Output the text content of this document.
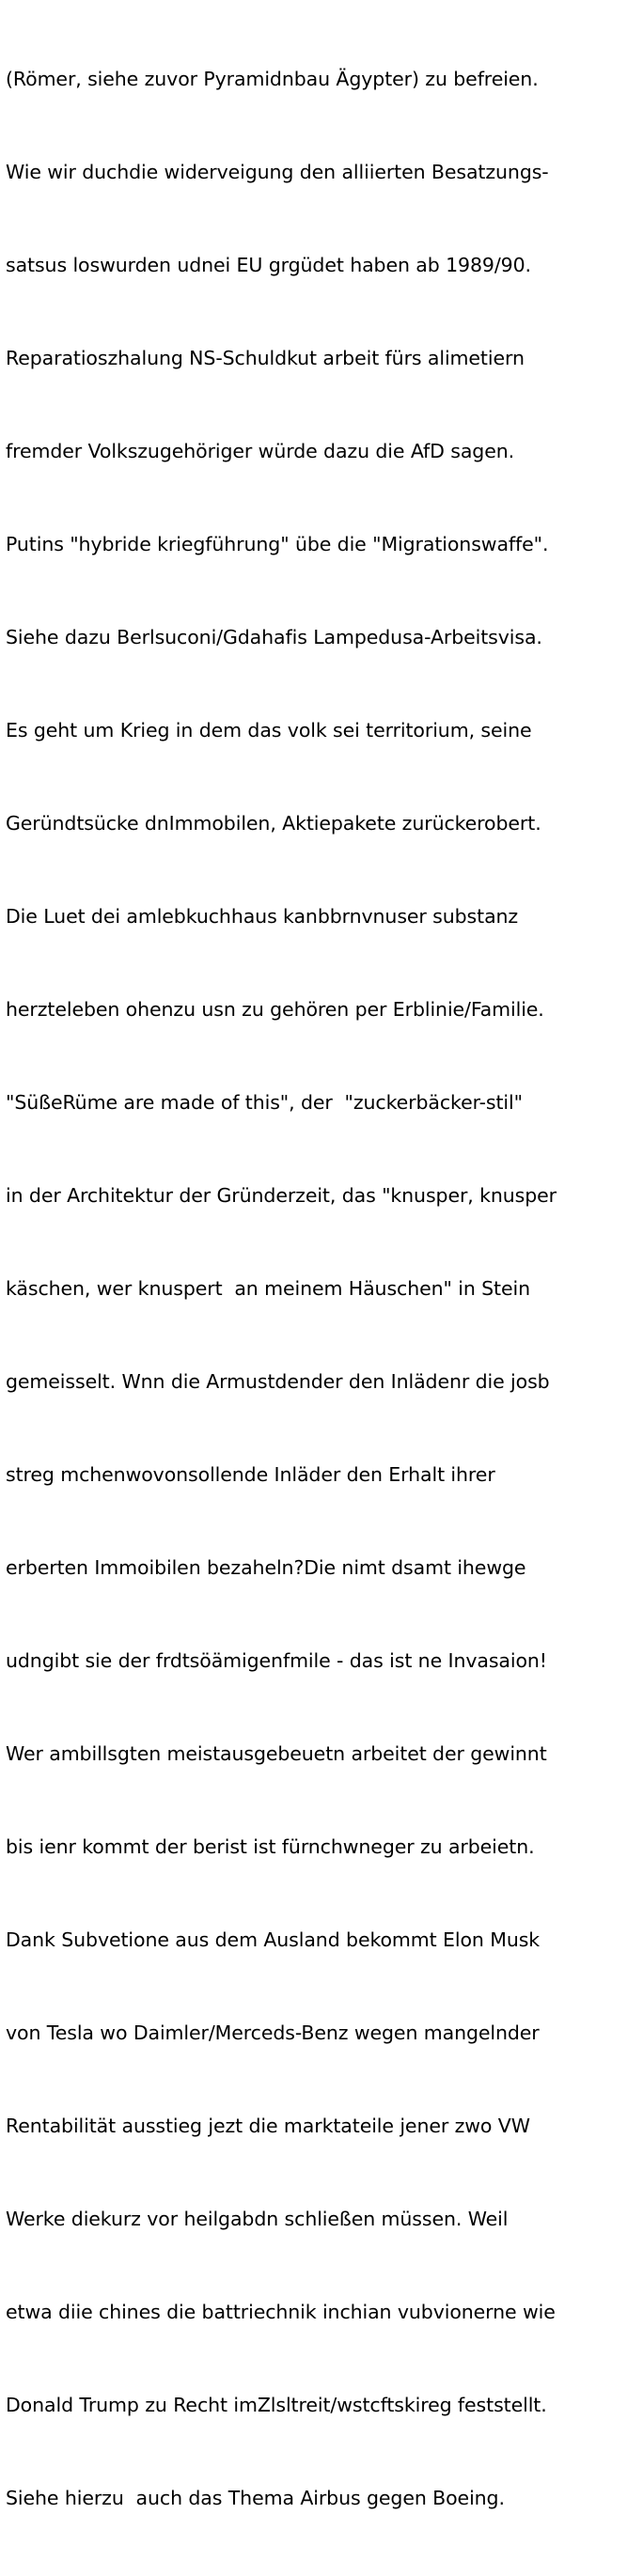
(Römer, siehe zuvor Pyramidnbau Ägypter) zu befreien.

Wie wir duchdie widerveigung den alliierten Besatzungs-

satsus loswurden udnei EU grgüdet haben ab 1989/90.

Reparatioszhalung NS-Schuldkut arbeit fürs alimetiern

fremder Volkszugehöriger würde dazu die AfD sagen.

Putins "hybride kriegführung" übe die "Migrationswaffe".

Siehe dazu Berlsuconi/Gdahafis Lampedusa-Arbeitsvisa.

Es geht um Krieg in dem das volk sei territorium, seine

Geründtsücke dnImmobilen, Aktiepakete zurückerobert.

Die Luet dei amlebkuchhaus kanbbrnvnuser substanz

herzteleben ohenzu usn zu gehören per Erblinie/Familie.

"SüßeRüme are made of this", der  "zuckerbäcker-stil"

in der Architektur der Gründerzeit, das "knusper, knusper

käschen, wer knuspert  an meinem Häuschen" in Stein

gemeisselt. Wnn die Armustdender den Inlädenr die josb

streg mchenwovonsollende Inläder den Erhalt ihrer

erberten Immoibilen bezaheln?Die nimt dsamt ihewge

udngibt sie der frdtsöämigenfmile - das ist ne Invasaion!

Wer ambillsgten meistausgebeuetn arbeitet der gewinnt

bis ienr kommt der berist ist fürnchwneger zu arbeietn.

Dank Subvetione aus dem Ausland bekommt Elon Musk

von Tesla wo Daimler/Merceds-Benz wegen mangelnder

Rentabilität ausstieg jezt die marktateile jener zwo VW

Werke diekurz vor heilgabdn schließen müssen. Weil

etwa diie chines die battriechnik inchian vubvionerne wie

Donald Trump zu Recht imZlsltreit/wstcftskireg feststellt.

Siehe hierzu  auch das Thema Airbus gegen Boeing.
